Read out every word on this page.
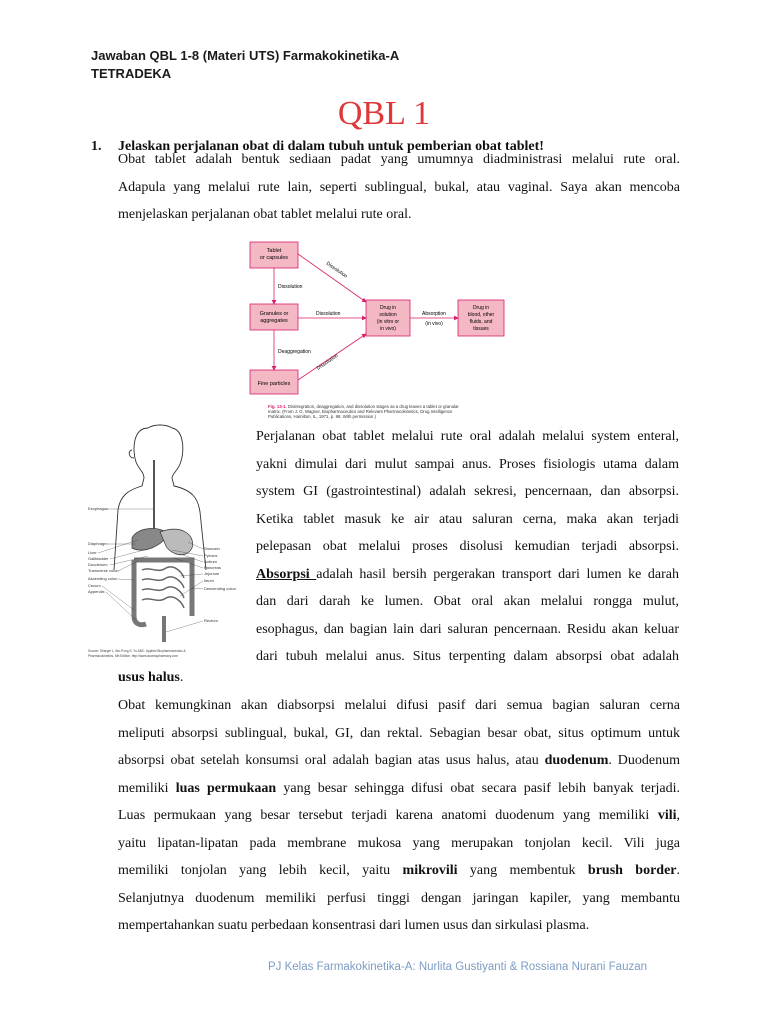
Jawaban QBL 1-8 (Materi UTS) Farmakokinetika-A
TETRADEKA
QBL 1
1. Jelaskan perjalanan obat di dalam tubuh untuk pemberian obat tablet!

Obat tablet adalah bentuk sediaan padat yang umumnya diadministrasi melalui rute oral.

Adapula yang melalui rute lain, seperti sublingual, bukal, atau vaginal. Saya akan mencoba

menjelaskan perjalanan obat tablet melalui rute oral.

Tablet
or capsules
Granules or
aggregates
Fine particles
Drug in
solution
(in vitro or
in vivo)
Drug in
blood, other
fluids, and
tissues
Dissolution
Dissolution
Dissolution
Deaggregation
Dissolution
Absorption
(in vivo)
Fig. 13-1. Disintegration, deaggregation, and dissolution stages as a drug leaves a tablet or granular
matrix. (From J. G. Wagner, Biopharmaceutics and Relevant Pharmacokinetics, Drug Intelligence
Publications, Hamilton, IL, 1971, p. 98. With permission.)
Esophagus
Diaphragm
Liver
Gallbladder
Duodenum
Transverse colon
Ascending colon
Cecum
Appendix
Stomach
Pylorus
Antrum
Pancreas
Jejunum
Ileum
Descending colon
Rectum
Source: Shargel L, Wu-Pong S, Yu ABC: Applied Biopharmaceutics &
Pharmacokinetics, 5th Edition: http://www.accesspharmacy.com

Perjalanan obat tablet melalui rute oral adalah melalui system enteral,

yakni dimulai dari mulut sampai anus. Proses fisiologis utama dalam

system GI (gastrointestinal) adalah sekresi, pencernaan, dan absorpsi.

Ketika tablet masuk ke air atau saluran cerna, maka akan terjadi

pelepasan obat melalui proses disolusi kemudian terjadi absorpsi.

Absorpsi adalah hasil bersih pergerakan transport dari lumen ke darah

dan dari darah ke lumen. Obat oral akan melalui rongga mulut,

esophagus, dan bagian lain dari saluran pencernaan. Residu akan keluar

dari tubuh melalui anus. Situs terpenting dalam absorpsi obat adalah

usus halus.

Obat kemungkinan akan diabsorpsi melalui difusi pasif dari semua bagian saluran cerna

meliputi absorpsi sublingual, bukal, GI, dan rektal. Sebagian besar obat, situs optimum untuk

absorpsi obat setelah konsumsi oral adalah bagian atas usus halus, atau duodenum. Duodenum

memiliki luas permukaan yang besar sehingga difusi obat secara pasif lebih banyak terjadi.

Luas permukaan yang besar tersebut terjadi karena anatomi duodenum yang memiliki vili,

yaitu lipatan-lipatan pada membrane mukosa yang merupakan tonjolan kecil. Vili juga

memiliki tonjolan yang lebih kecil, yaitu mikrovili yang membentuk brush border.

Selanjutnya duodenum memiliki perfusi tinggi dengan jaringan kapiler, yang membantu

mempertahankan suatu perbedaan konsentrasi dari lumen usus dan sirkulasi plasma.

PJ Kelas Farmakokinetika-A: Nurlita Gustiyanti & Rossiana Nurani Fauzan
